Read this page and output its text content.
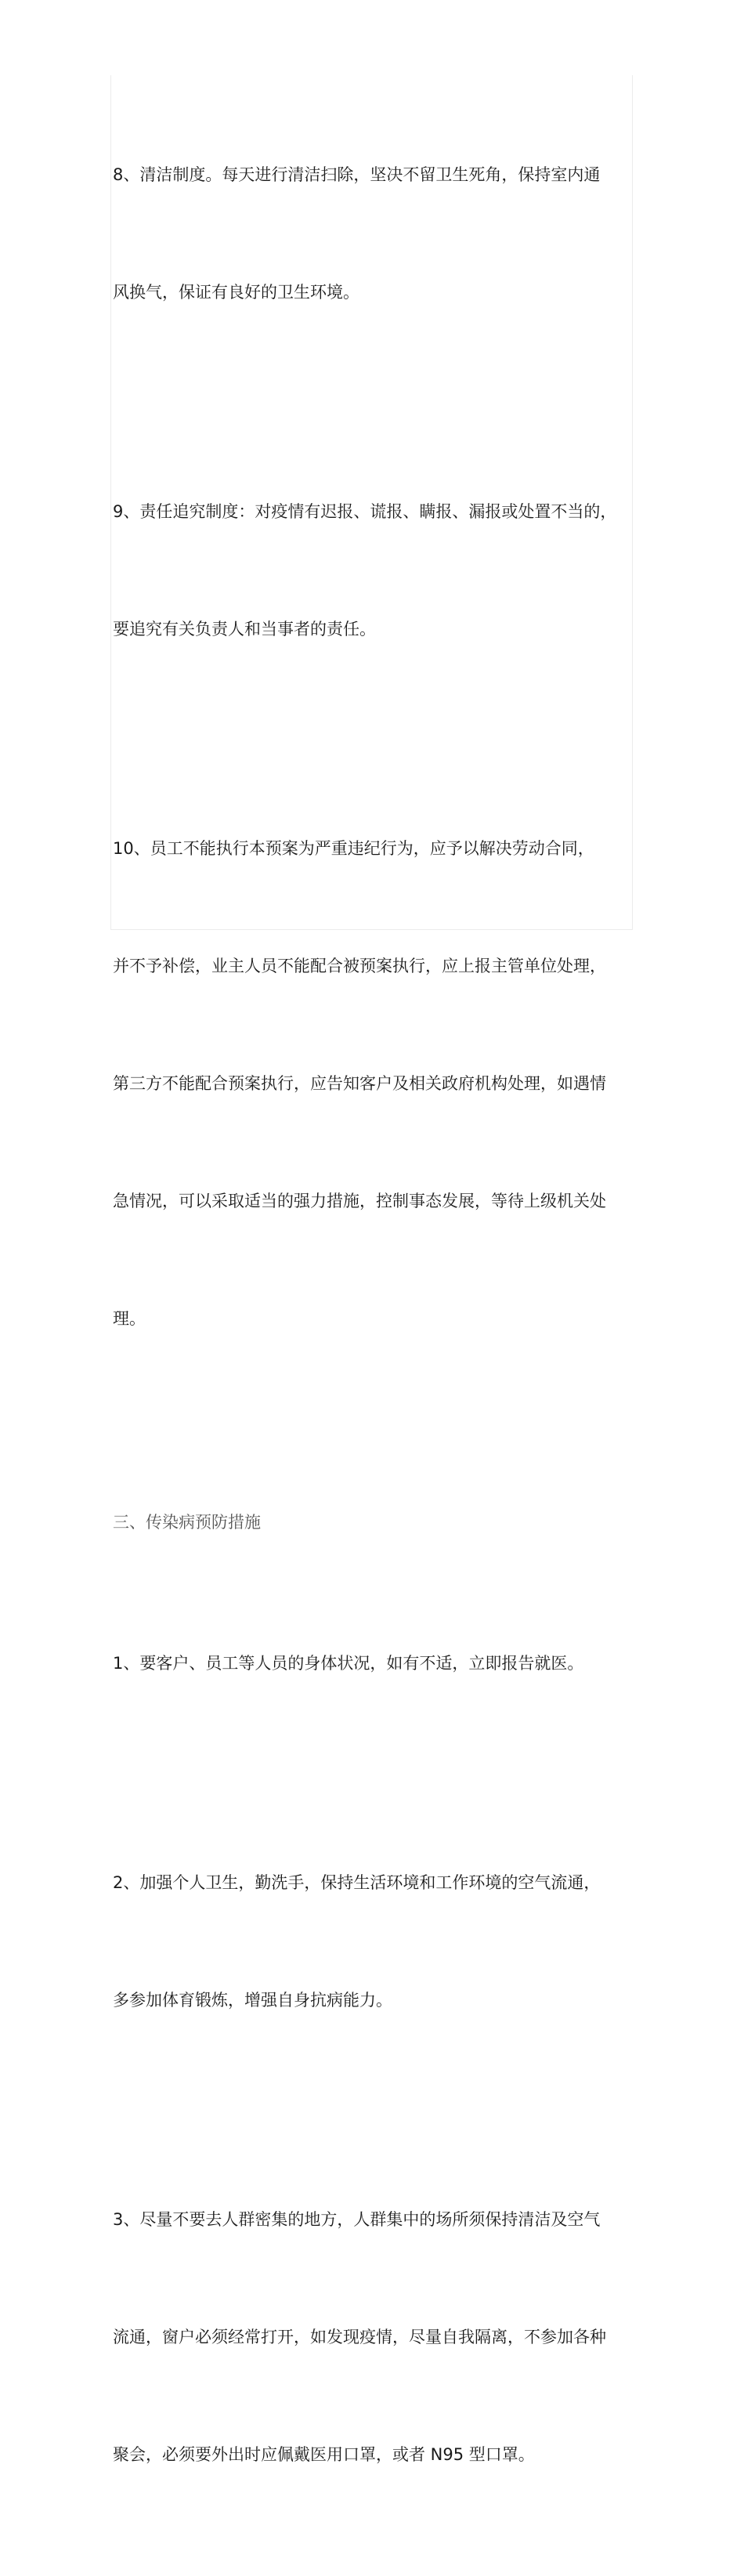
8、清洁制度。每天进行清洁扫除，坚决不留卫生死角，保持室内通

风换气，保证有良好的卫生环境。

9、责任追究制度：对疫情有迟报、谎报、瞒报、漏报或处置不当的，

要追究有关负责人和当事者的责任。

10、员工不能执行本预案为严重违纪行为，应予以解决劳动合同，

并不予补偿，业主人员不能配合被预案执行，应上报主管单位处理，

第三方不能配合预案执行，应告知客户及相关政府机构处理，如遇情

急情况，可以采取适当的强力措施，控制事态发展，等待上级机关处

理。

三、传染病预防措施

1、要客户、员工等人员的身体状况，如有不适，立即报告就医。

2、加强个人卫生，勤洗手，保持生活环境和工作环境的空气流通，

多参加体育锻炼，增强自身抗病能力。

3、尽量不要去人群密集的地方，人群集中的场所须保持清洁及空气

流通，窗户必须经常打开，如发现疫情，尽量自我隔离，不参加各种

聚会，必须要外出时应佩戴医用口罩，或者 N95 型口罩。
